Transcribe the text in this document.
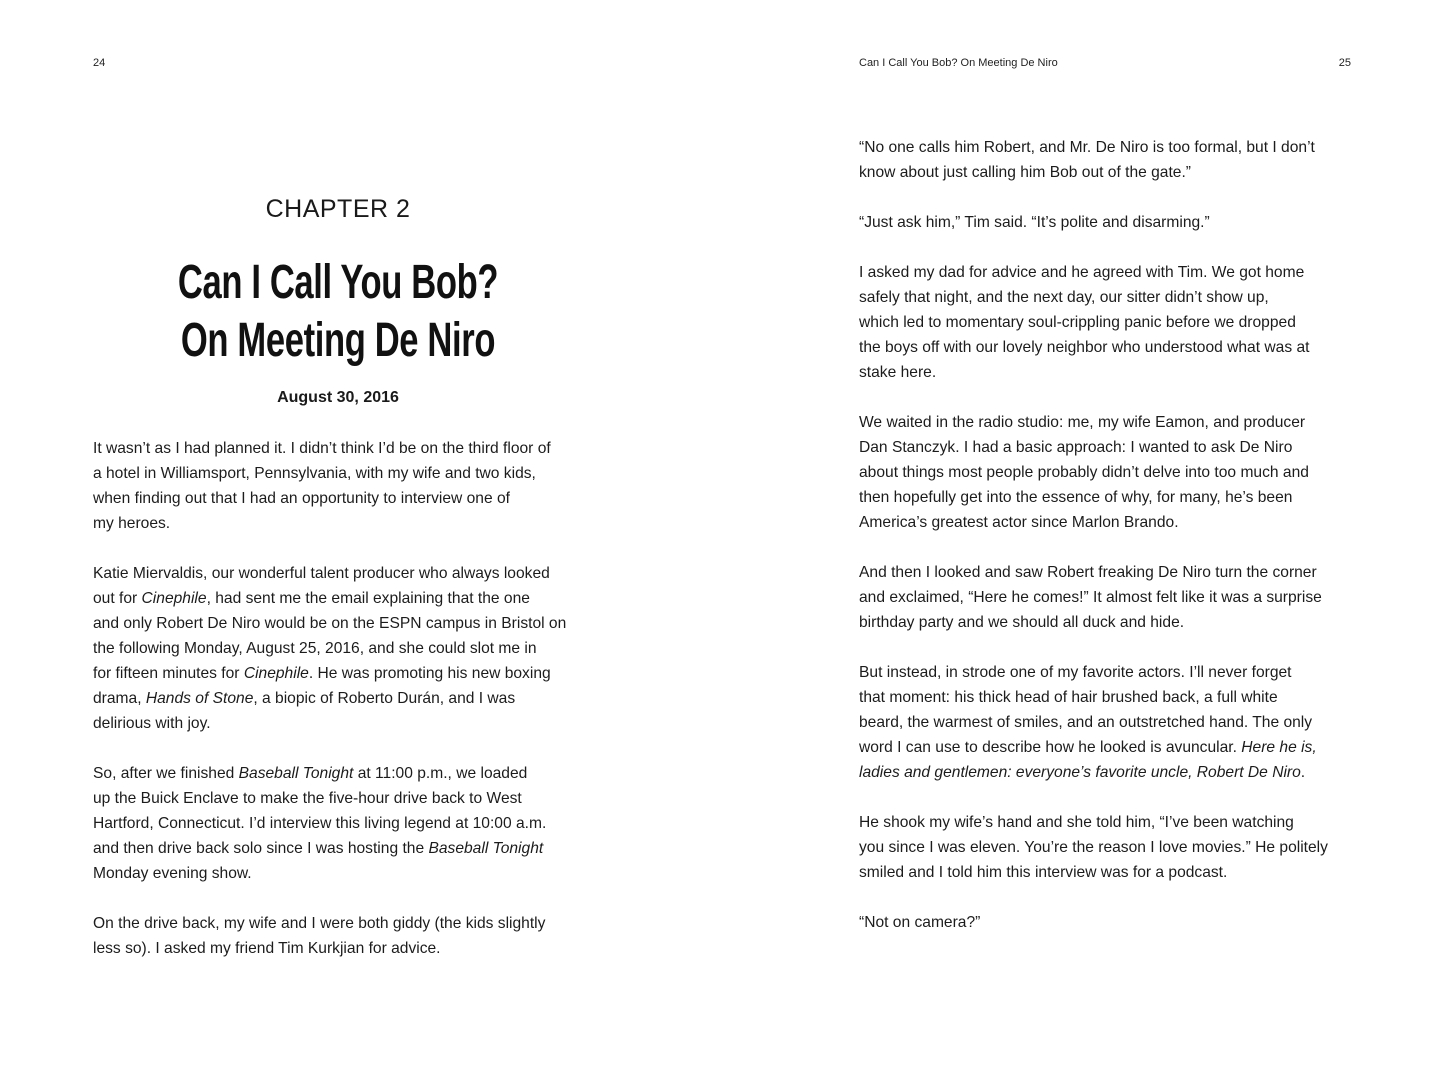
24
CHAPTER 2
Can I Call You Bob?
On Meeting De Niro
August 30, 2016
It wasn’t as I had planned it. I didn’t think I’d be on the third floor of
a hotel in Williamsport, Pennsylvania, with my wife and two kids,
when finding out that I had an opportunity to interview one of
my heroes.
Katie Miervaldis, our wonderful talent producer who always looked
out for Cinephile, had sent me the email explaining that the one
and only Robert De Niro would be on the ESPN campus in Bristol on
the following Monday, August 25, 2016, and she could slot me in
for fifteen minutes for Cinephile. He was promoting his new boxing
drama, Hands of Stone, a biopic of Roberto Durán, and I was
delirious with joy.
So, after we finished Baseball Tonight at 11:00 p.m., we loaded
up the Buick Enclave to make the five-hour drive back to West
Hartford, Connecticut. I’d interview this living legend at 10:00 a.m.
and then drive back solo since I was hosting the Baseball Tonight
Monday evening show.
On the drive back, my wife and I were both giddy (the kids slightly
less so). I asked my friend Tim Kurkjian for advice.
Can I Call You Bob? On Meeting De Niro	25
“No one calls him Robert, and Mr. De Niro is too formal, but I don’t
know about just calling him Bob out of the gate.”
“Just ask him,” Tim said. “It’s polite and disarming.”
I asked my dad for advice and he agreed with Tim. We got home
safely that night, and the next day, our sitter didn’t show up,
which led to momentary soul-crippling panic before we dropped
the boys off with our lovely neighbor who understood what was at
stake here.
We waited in the radio studio: me, my wife Eamon, and producer
Dan Stanczyk. I had a basic approach: I wanted to ask De Niro
about things most people probably didn’t delve into too much and
then hopefully get into the essence of why, for many, he’s been
America’s greatest actor since Marlon Brando.
And then I looked and saw Robert freaking De Niro turn the corner
and exclaimed, “Here he comes!” It almost felt like it was a surprise
birthday party and we should all duck and hide.
But instead, in strode one of my favorite actors. I’ll never forget
that moment: his thick head of hair brushed back, a full white
beard, the warmest of smiles, and an outstretched hand. The only
word I can use to describe how he looked is avuncular. Here he is,
ladies and gentlemen: everyone’s favorite uncle, Robert De Niro.
He shook my wife’s hand and she told him, “I’ve been watching
you since I was eleven. You’re the reason I love movies.” He politely
smiled and I told him this interview was for a podcast.
“Not on camera?”
